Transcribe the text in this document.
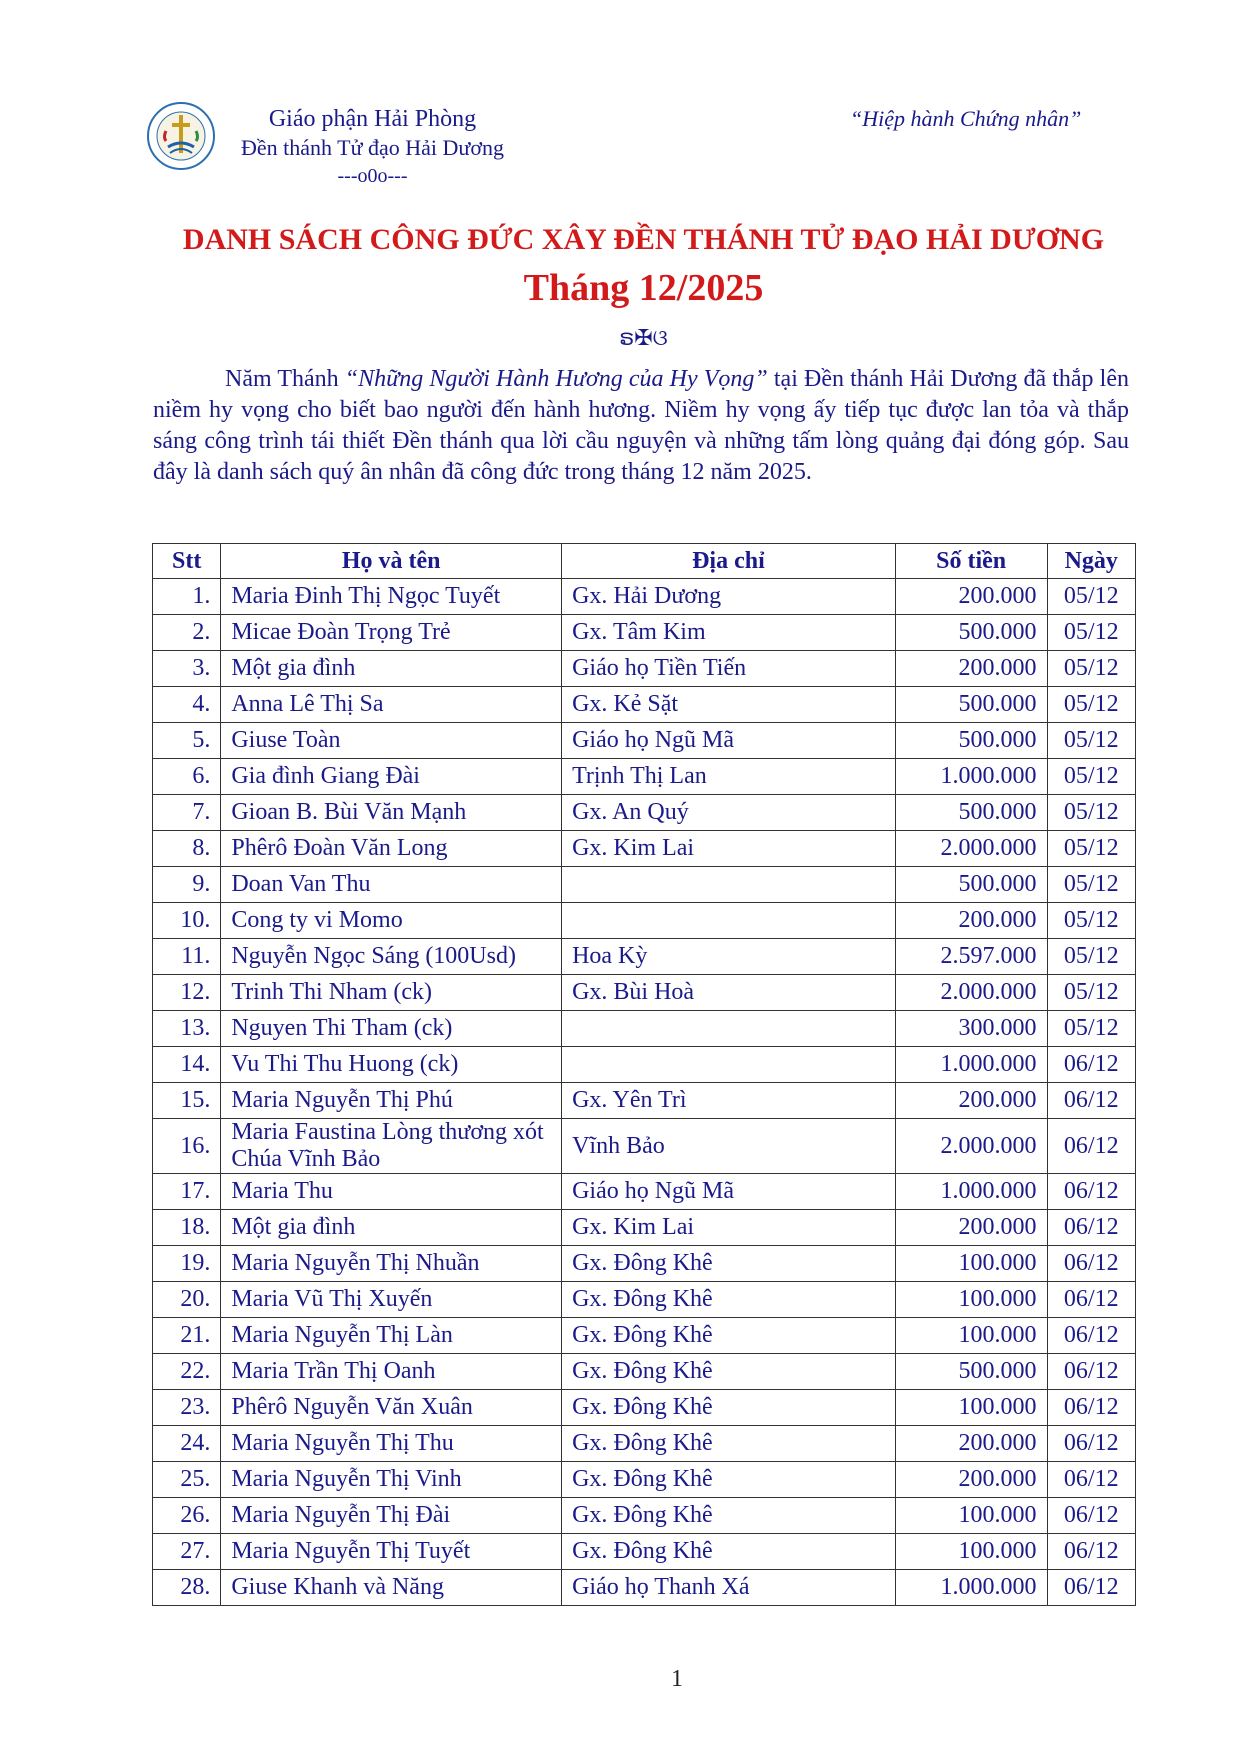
Giáo phận Hải Phòng
Đền thánh Tử đạo Hải Dương
---o0o---
“Hiệp hành Chứng nhân”
DANH SÁCH CÔNG ĐỨC XÂY ĐỀN THÁNH TỬ ĐẠO HẢI DƯƠNG
Tháng 12/2025
ຣ✠ଓ
Năm Thánh “Những Người Hành Hương của Hy Vọng” tại Đền thánh Hải Dương đã thắp lên niềm hy vọng cho biết bao người đến hành hương. Niềm hy vọng ấy tiếp tục được lan tỏa và thắp sáng công trình tái thiết Đền thánh qua lời cầu nguyện và những tấm lòng quảng đại đóng góp. Sau đây là danh sách quý ân nhân đã công đức trong tháng 12 năm 2025.
Stt	Họ và tên	Địa chỉ	Số tiền	Ngày
1.	Maria Đinh Thị Ngọc Tuyết	Gx. Hải Dương	200.000	05/12
2.	Micae Đoàn Trọng Trẻ	Gx. Tâm Kim	500.000	05/12
3.	Một gia đình	Giáo họ Tiền Tiến	200.000	05/12
4.	Anna Lê Thị Sa	Gx. Kẻ Sặt	500.000	05/12
5.	Giuse Toàn	Giáo họ Ngũ Mã	500.000	05/12
6.	Gia đình Giang Đài	Trịnh Thị Lan	1.000.000	05/12
7.	Gioan B. Bùi Văn Mạnh	Gx. An Quý	500.000	05/12
8.	Phêrô Đoàn Văn Long	Gx. Kim Lai	2.000.000	05/12
9.	Doan Van Thu		500.000	05/12
10.	Cong ty vi Momo		200.000	05/12
11.	Nguyễn Ngọc Sáng (100Usd)	Hoa Kỳ	2.597.000	05/12
12.	Trinh Thi Nham (ck)	Gx. Bùi Hoà	2.000.000	05/12
13.	Nguyen Thi Tham (ck)		300.000	05/12
14.	Vu Thi Thu Huong (ck)		1.000.000	06/12
15.	Maria Nguyễn Thị Phú	Gx. Yên Trì	200.000	06/12
16.	Maria Faustina Lòng thương xót Chúa Vĩnh Bảo	Vĩnh Bảo	2.000.000	06/12
17.	Maria Thu	Giáo họ Ngũ Mã	1.000.000	06/12
18.	Một gia đình	Gx. Kim Lai	200.000	06/12
19.	Maria Nguyễn Thị Nhuần	Gx. Đông Khê	100.000	06/12
20.	Maria Vũ Thị Xuyến	Gx. Đông Khê	100.000	06/12
21.	Maria Nguyễn Thị Làn	Gx. Đông Khê	100.000	06/12
22.	Maria Trần Thị Oanh	Gx. Đông Khê	500.000	06/12
23.	Phêrô Nguyễn Văn Xuân	Gx. Đông Khê	100.000	06/12
24.	Maria Nguyễn Thị Thu	Gx. Đông Khê	200.000	06/12
25.	Maria Nguyễn Thị Vinh	Gx. Đông Khê	200.000	06/12
26.	Maria Nguyễn Thị Đài	Gx. Đông Khê	100.000	06/12
27.	Maria Nguyễn Thị Tuyết	Gx. Đông Khê	100.000	06/12
28.	Giuse Khanh và Năng	Giáo họ Thanh Xá	1.000.000	06/12
1
